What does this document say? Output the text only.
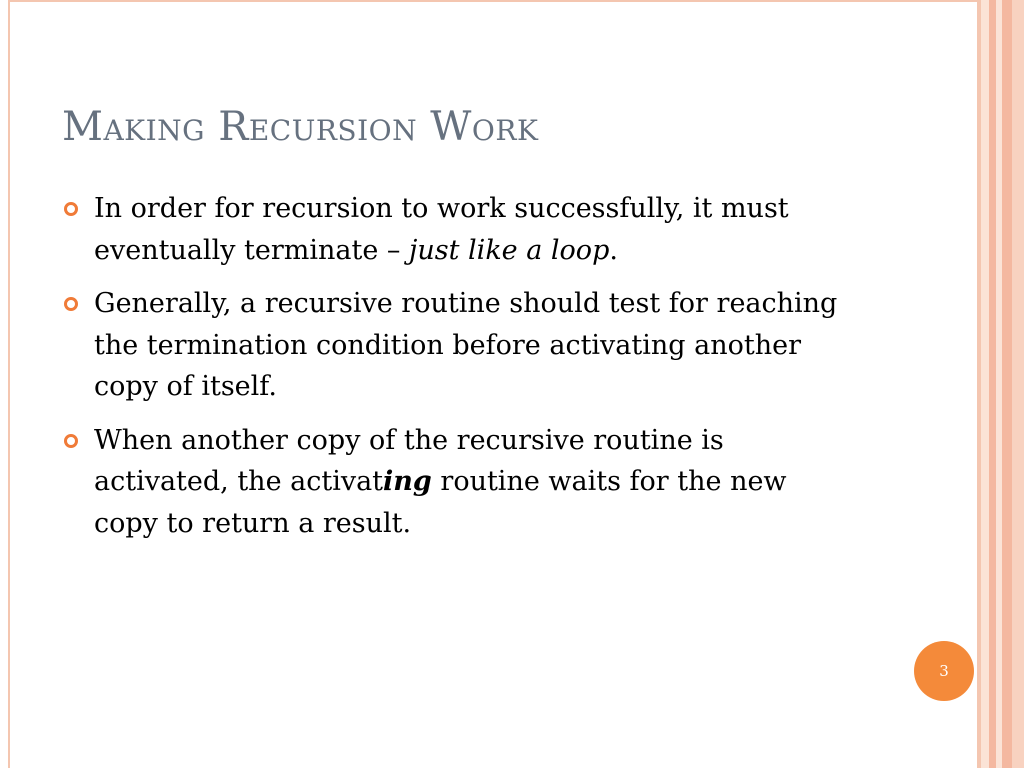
Making Recursion Work
In order for recursion to work successfully, it must eventually terminate – just like a loop.
Generally, a recursive routine should test for reaching the termination condition before activating another copy of itself.
When another copy of the recursive routine is activated, the activating routine waits for the new copy to return a result.
3
